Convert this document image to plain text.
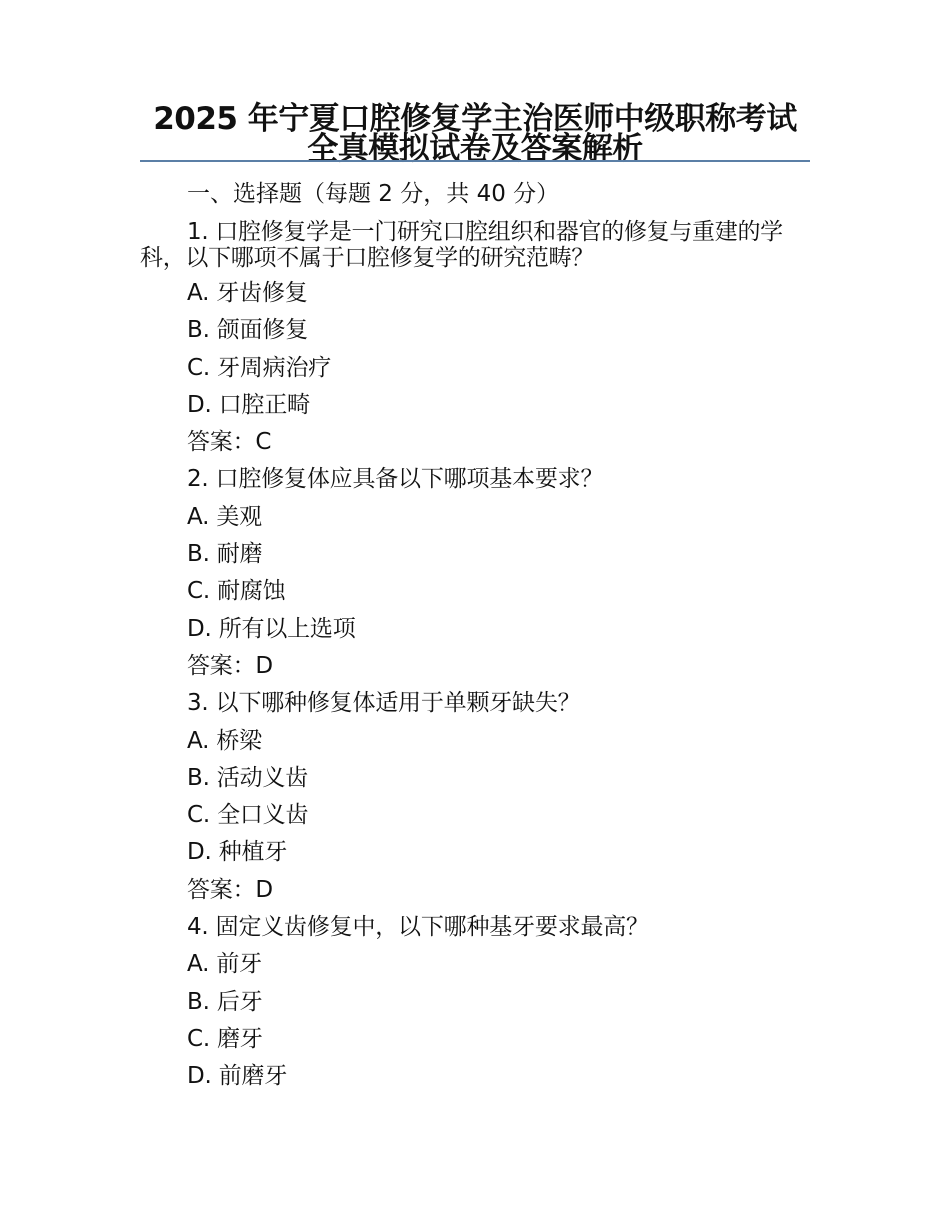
2025 年宁夏口腔修复学主治医师中级职称考试全真模拟试卷及答案解析

一、选择题（每题 2 分，共 40 分）

1. 口腔修复学是一门研究口腔组织和器官的修复与重建的学科，以下哪项不属于口腔修复学的研究范畴？

A. 牙齿修复
B. 颌面修复
C. 牙周病治疗
D. 口腔正畸
答案：C
2. 口腔修复体应具备以下哪项基本要求？
A. 美观
B. 耐磨
C. 耐腐蚀
D. 所有以上选项
答案：D
3. 以下哪种修复体适用于单颗牙缺失？
A. 桥梁
B. 活动义齿
C. 全口义齿
D. 种植牙
答案：D
4. 固定义齿修复中，以下哪种基牙要求最高？
A. 前牙
B. 后牙
C. 磨牙
D. 前磨牙
